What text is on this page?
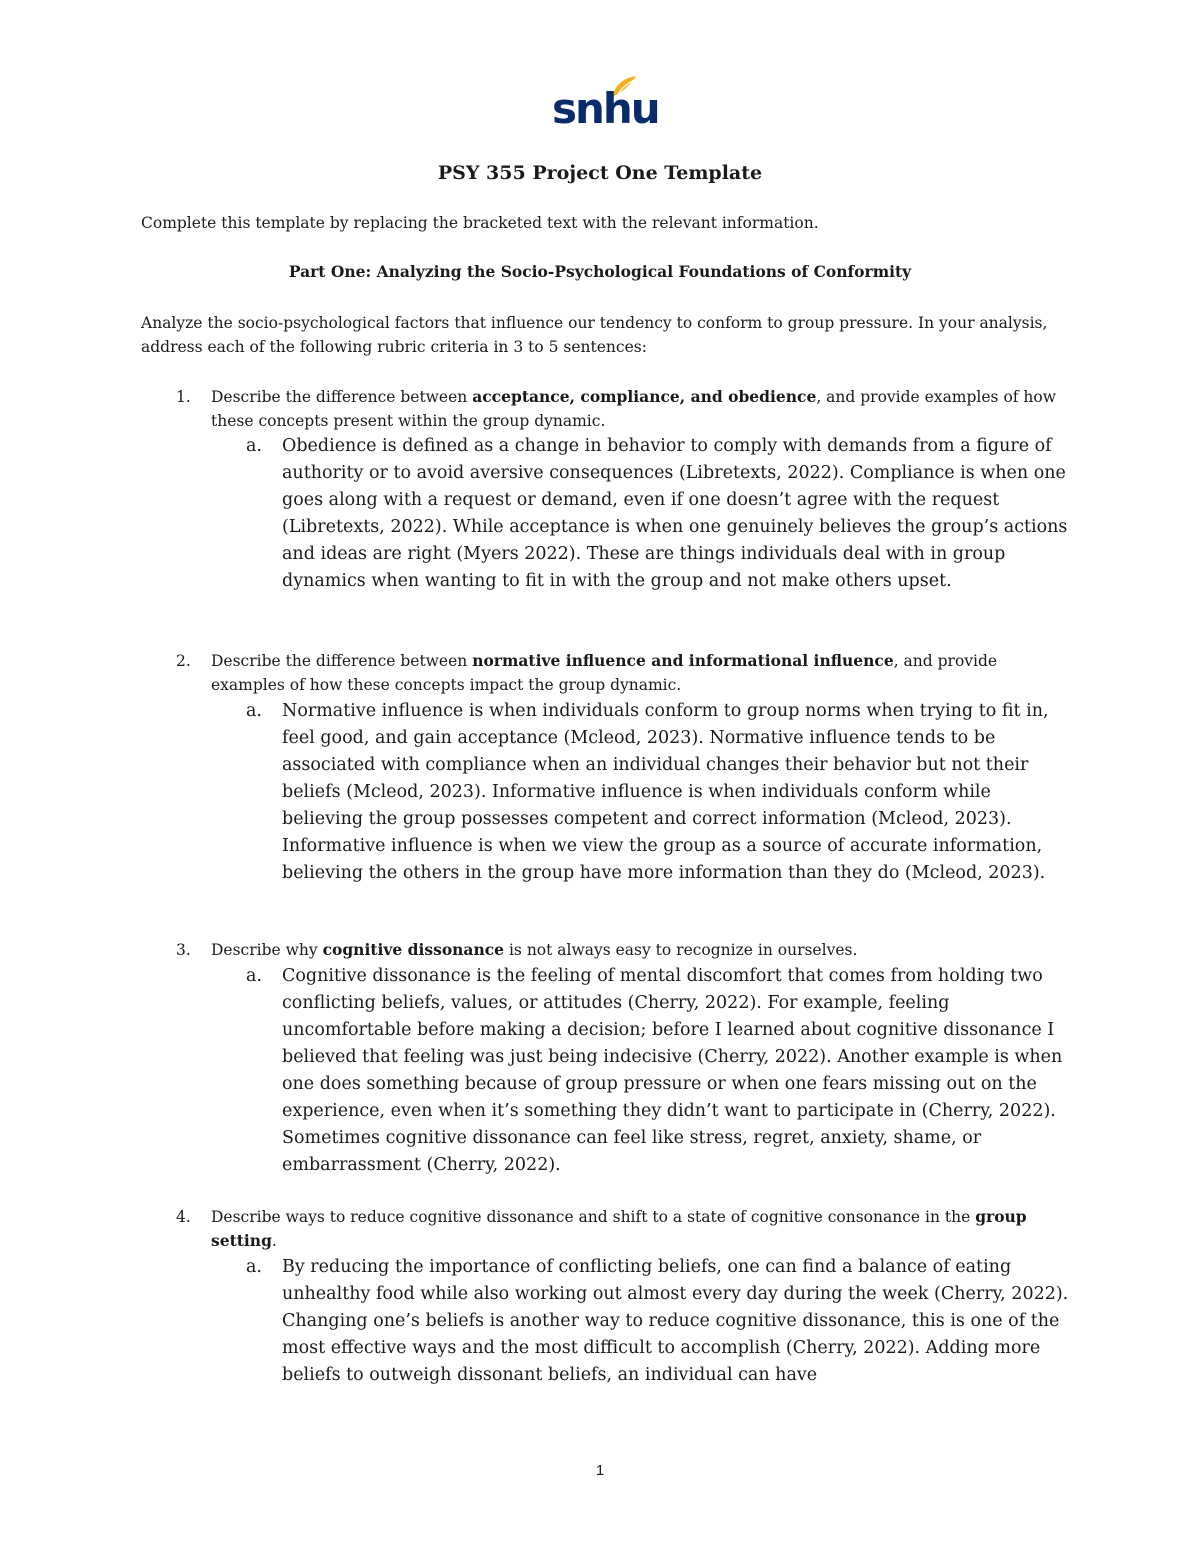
snhu
PSY 355 Project One Template

Complete this template by replacing the bracketed text with the relevant information.

Part One: Analyzing the Socio-Psychological Foundations of Conformity

Analyze the socio-psychological factors that influence our tendency to conform to group pressure. In your analysis, address each of the following rubric criteria in 3 to 5 sentences:

1. Describe the difference between acceptance, compliance, and obedience, and provide examples of how these concepts present within the group dynamic.
a. Obedience is defined as a change in behavior to comply with demands from a figure of authority or to avoid aversive consequences (Libretexts, 2022). Compliance is when one goes along with a request or demand, even if one doesn’t agree with the request (Libretexts, 2022). While acceptance is when one genuinely believes the group’s actions and ideas are right (Myers 2022). These are things individuals deal with in group dynamics when wanting to fit in with the group and not make others upset.
2. Describe the difference between normative influence and informational influence, and provide examples of how these concepts impact the group dynamic.
a. Normative influence is when individuals conform to group norms when trying to fit in, feel good, and gain acceptance (Mcleod, 2023). Normative influence tends to be associated with compliance when an individual changes their behavior but not their beliefs (Mcleod, 2023). Informative influence is when individuals conform while believing the group possesses competent and correct information (Mcleod, 2023). Informative influence is when we view the group as a source of accurate information, believing the others in the group have more information than they do (Mcleod, 2023).
3. Describe why cognitive dissonance is not always easy to recognize in ourselves.
a. Cognitive dissonance is the feeling of mental discomfort that comes from holding two conflicting beliefs, values, or attitudes (Cherry, 2022). For example, feeling uncomfortable before making a decision; before I learned about cognitive dissonance I believed that feeling was just being indecisive (Cherry, 2022). Another example is when one does something because of group pressure or when one fears missing out on the experience, even when it’s something they didn’t want to participate in (Cherry, 2022). Sometimes cognitive dissonance can feel like stress, regret, anxiety, shame, or embarrassment (Cherry, 2022).
4. Describe ways to reduce cognitive dissonance and shift to a state of cognitive consonance in the group setting.
a. By reducing the importance of conflicting beliefs, one can find a balance of eating unhealthy food while also working out almost every day during the week (Cherry, 2022). Changing one’s beliefs is another way to reduce cognitive dissonance, this is one of the most effective ways and the most difficult to accomplish (Cherry, 2022). Adding more beliefs to outweigh dissonant beliefs, an individual can have
1
